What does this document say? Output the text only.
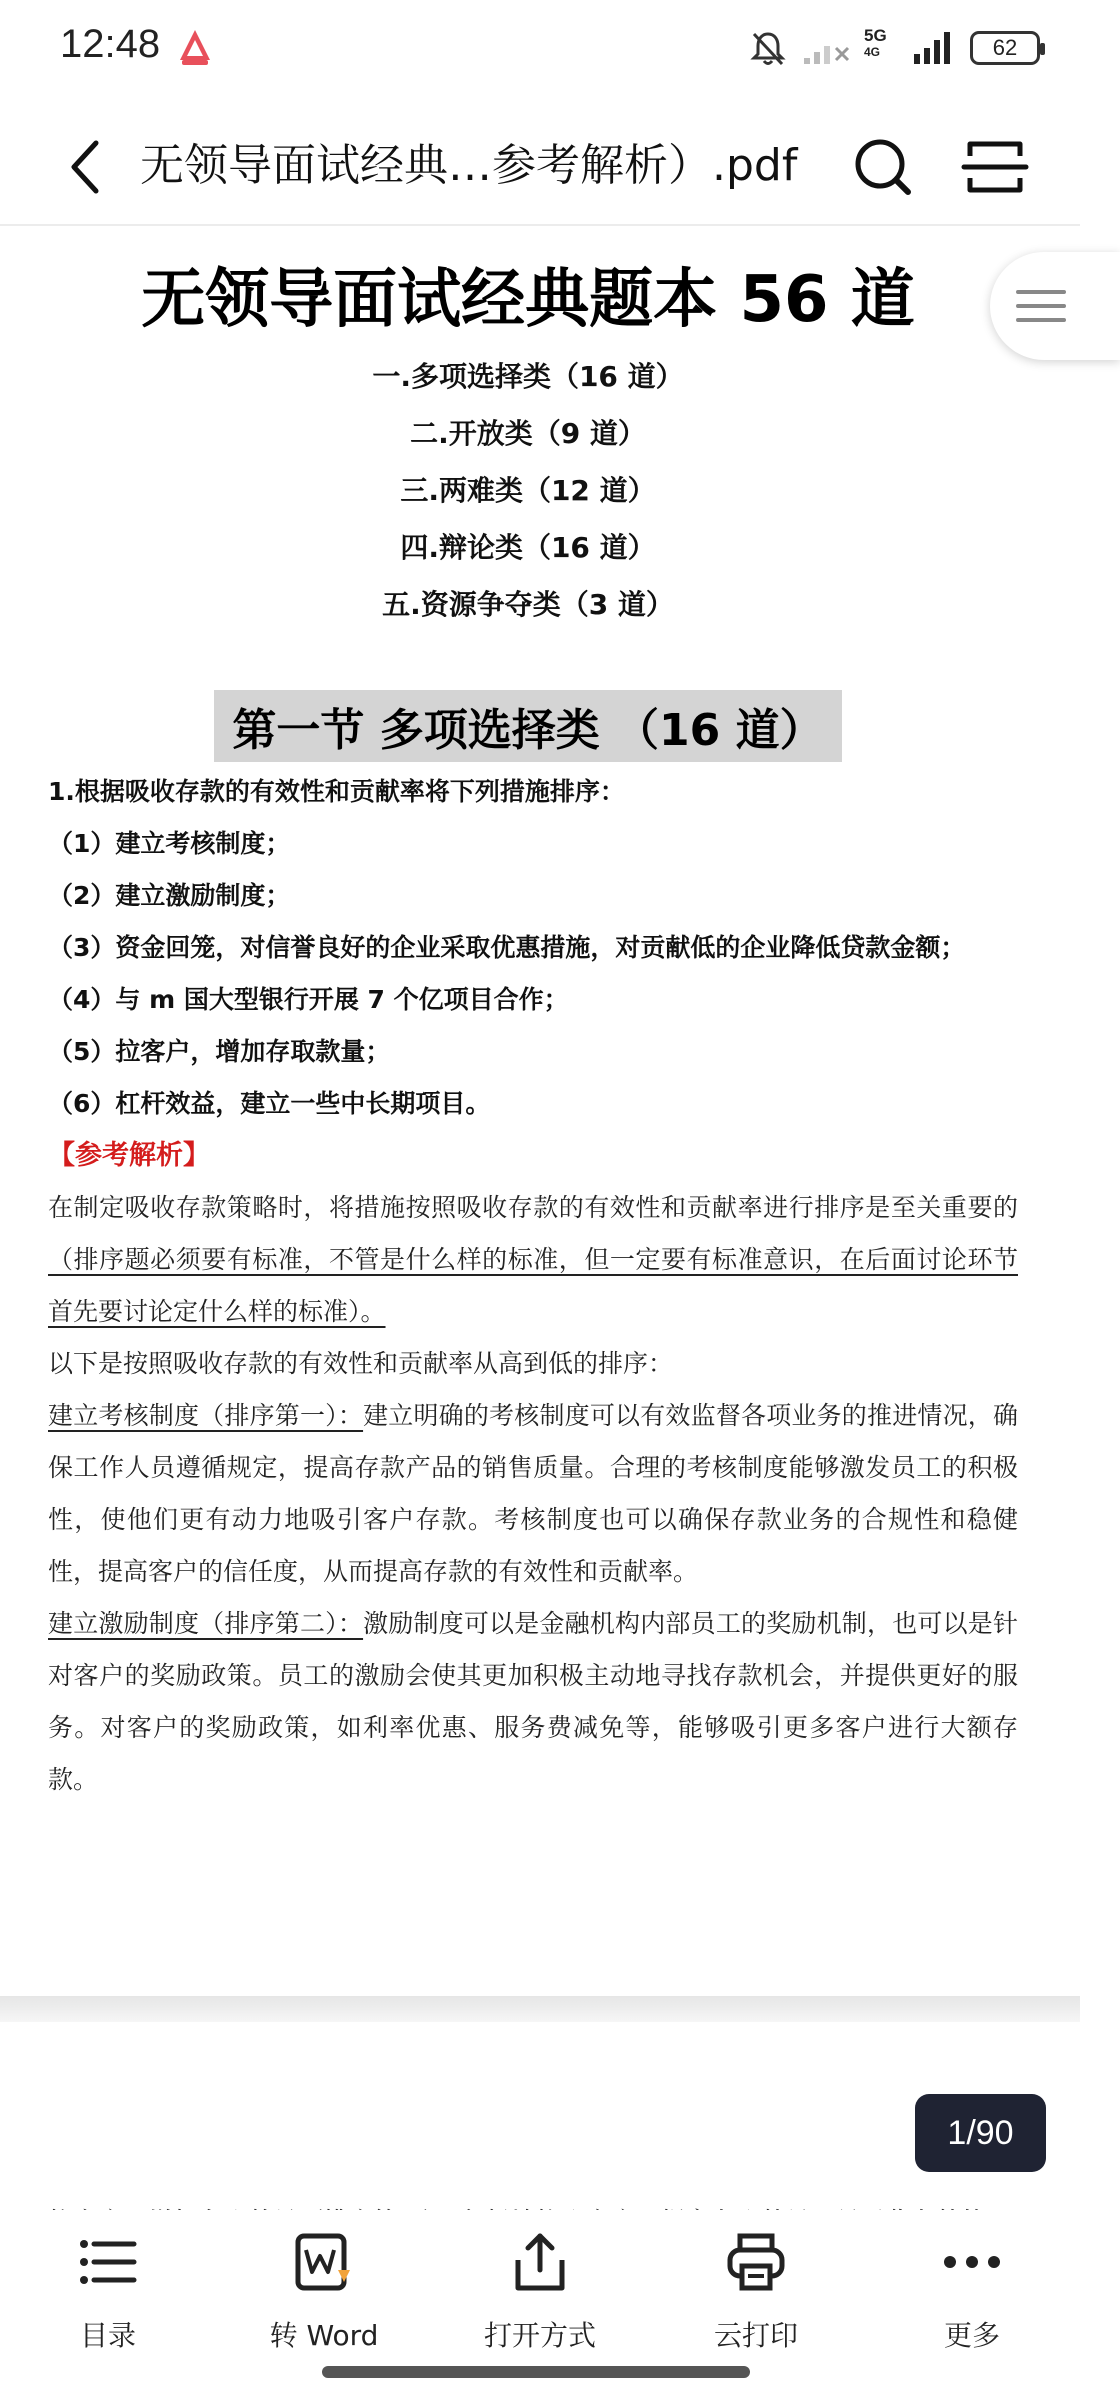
12:48	5G
4G	62
无领导面试经典…参考解析）.pdf
无领导面试经典题本 56 道
一.多项选择类（16 道）
二.开放类（9 道）
三.两难类（12 道）
四.辩论类（16 道）
五.资源争夺类（3 道）
第一节 多项选择类 （16 道）
1.根据吸收存款的有效性和贡献率将下列措施排序：
（1）建立考核制度；
（2）建立激励制度；
（3）资金回笼，对信誉良好的企业采取优惠措施，对贡献低的企业降低贷款金额；
（4）与 m 国大型银行开展 7 个亿项目合作；
（5）拉客户，增加存取款量；
（6）杠杆效益，建立一些中长期项目。
【参考解析】
在制定吸收存款策略时，将措施按照吸收存款的有效性和贡献率进行排序是至关重要的（排序题必须要有标准，不管是什么样的标准，但一定要有标准意识，在后面讨论环节首先要讨论定什么样的标准）。
以下是按照吸收存款的有效性和贡献率从高到低的排序：
建立考核制度（排序第一）：建立明确的考核制度可以有效监督各项业务的推进情况，确保工作人员遵循规定，提高存款产品的销售质量。合理的考核制度能够激发员工的积极性，使他们更有动力地吸引客户存款。考核制度也可以确保存款业务的合规性和稳健性，提高客户的信任度，从而提高存款的有效性和贡献率。
建立激励制度（排序第二）：激励制度可以是金融机构内部员工的奖励机制，也可以是针对客户的奖励政策。员工的激励会使其更加积极主动地寻找存款机会，并提供更好的服务。对客户的奖励政策，如利率优惠、服务费减免等，能够吸引更多客户进行大额存款。
1/90
目录	转 Word	打开方式	云打印	更多
